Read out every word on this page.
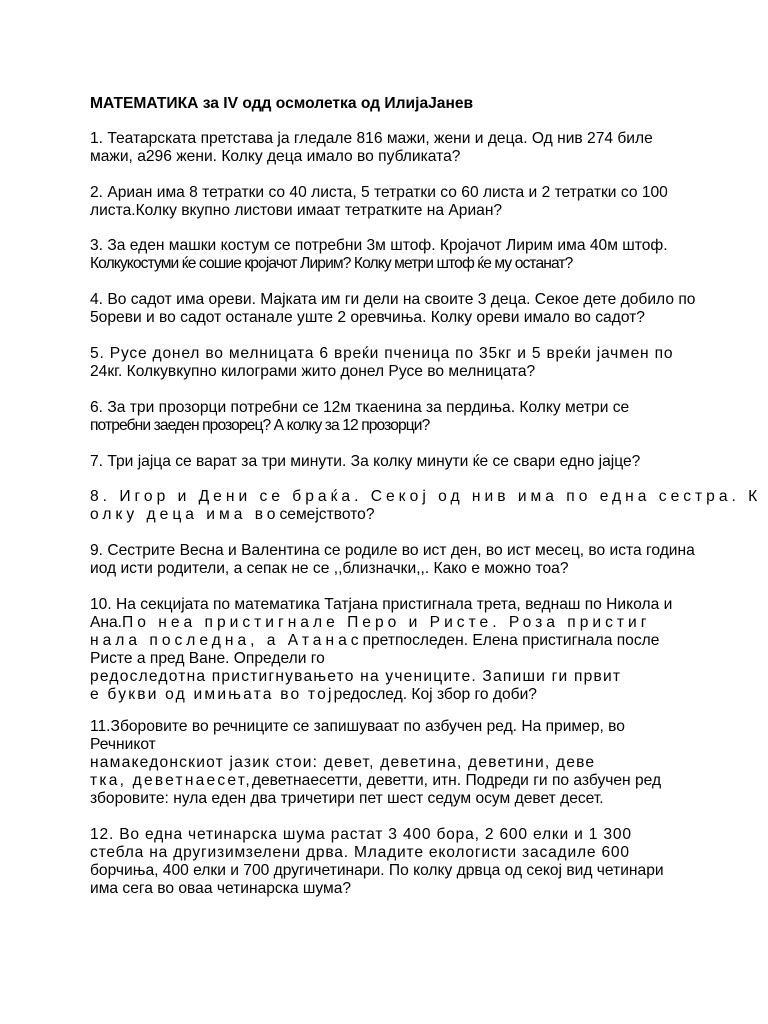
МАТЕМАТИКА за IV одд осмолетка од ИлијаЈанев
1. Театарската претстава ја гледале 816 мажи, жени и деца. Од нив 274 биле
мажи, а296 жени. Колку деца имало во публиката?
2. Ариан има 8 тетратки со 40 листа, 5 тетратки со 60 листа и 2 тетратки со 100
листа.Колку вкупно листови имаат тетратките на Ариан?
3. За еден машки костум се потребни 3м штоф. Кројачот Лирим има 40м штоф.
Колкукостуми ќе сошие кројачот Лирим? Колку метри штоф ќе му останат?
4. Во садот има ореви. Мајката им ги дели на своите 3 деца. Секое дете добило по
5ореви и во садот останале уште 2 оревчиња. Колку ореви имало во садот?
5. Русе донел во мелницата 6 вреќи пченица по 35кг и 5 вреќи јачмен по
24кг. Колкувкупно килограми жито донел Русе во мелницата?
6. За три прозорци потребни се 12м ткаенина за пердиња. Колку метри се
потребни заеден прозорец? А колку за 12 прозорци?
7. Три јајца се варат за три минути. За колку минути ќе се свари едно јајце?
8. Игор и Дени се браќа. Секој од нив има по една сестра. К
олку деца има восемејството?
9. Сестрите Весна и Валентина се родиле во ист ден, во ист месец, во иста година
иод исти родители, а сепак не се ,,близначки,,. Како е можно тоа?
10. На секцијата по математика Татјана пристигнала трета, веднаш по Никола и
Ана.По неа пристигнале Перо и Ристе. Роза пристиг
нала последна, а Атанаспретпоследен. Елена пристигнала после
Ристе а пред Ване. Определи го
редоследотна пристигнувањето на учениците. Запиши ги првит
е букви од имињата во тојредослед. Кој збор го доби?
11.Зборовите во речниците се запишуваат по азбучен ред. На пример, во
Речникот
намакедонскиот јазик стои: девет, деветина, деветини, деве
тка, деветнаесет,деветнаесетти, деветти, итн. Подреди ги по азбучен ред
зборовите: нула еден два тричетири пет шест седум осум девет десет.
12. Во една четинарска шума растат 3 400 бора, 2 600 елки и 1 300
стебла на другизимзелени дрва. Младите екологисти засадиле 600
борчиња, 400 елки и 700 другичетинари. По колку дрвца од секој вид четинари
има сега во оваа четинарска шума?
